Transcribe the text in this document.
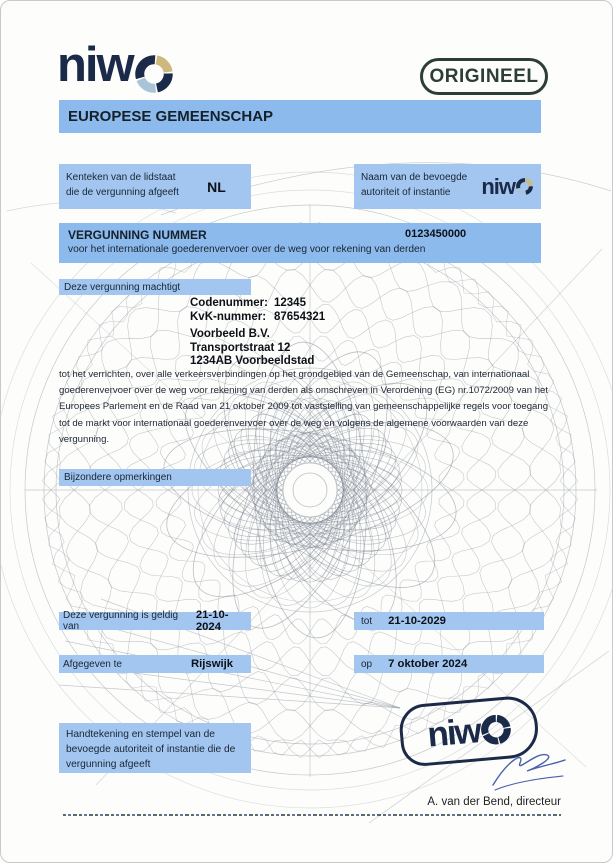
niw	ORIGINEEL
EUROPESE GEMEENSCHAP
Kenteken van de lidstaat die de vergunning afgeeft	NL
Naam van de bevoegde autoriteit of instantie	niw
VERGUNNING NUMMER	0123450000
voor het internationale goederenvervoer over de weg voor rekening van derden
Deze vergunning machtigt
Codenummer: 12345
KvK-nummer: 87654321
Voorbeeld B.V.
Transportstraat 12
1234AB Voorbeeldstad
tot het verrichten, over alle verkeersverbindingen op het grondgebied van de Gemeenschap, van internationaal goederenvervoer over de weg voor rekening van derden als omschreven in Verordening (EG) nr.1072/2009 van het Europees Parlement en de Raad van 21 oktober 2009 tot vaststelling van gemeenschappelijke regels voor toegang tot de markt voor internationaal goederenvervoer over de weg en volgens de algemene voorwaarden van deze vergunning.
Bijzondere opmerkingen
Deze vergunning is geldig van
21-10-2024	tot 21-10-2029
Afgegeven te	Rijswijk	op 7 oktober 2024
Handtekening en stempel van de bevoegde autoriteit of instantie die de vergunning afgeeft
niw
A. van der Bend, directeur
